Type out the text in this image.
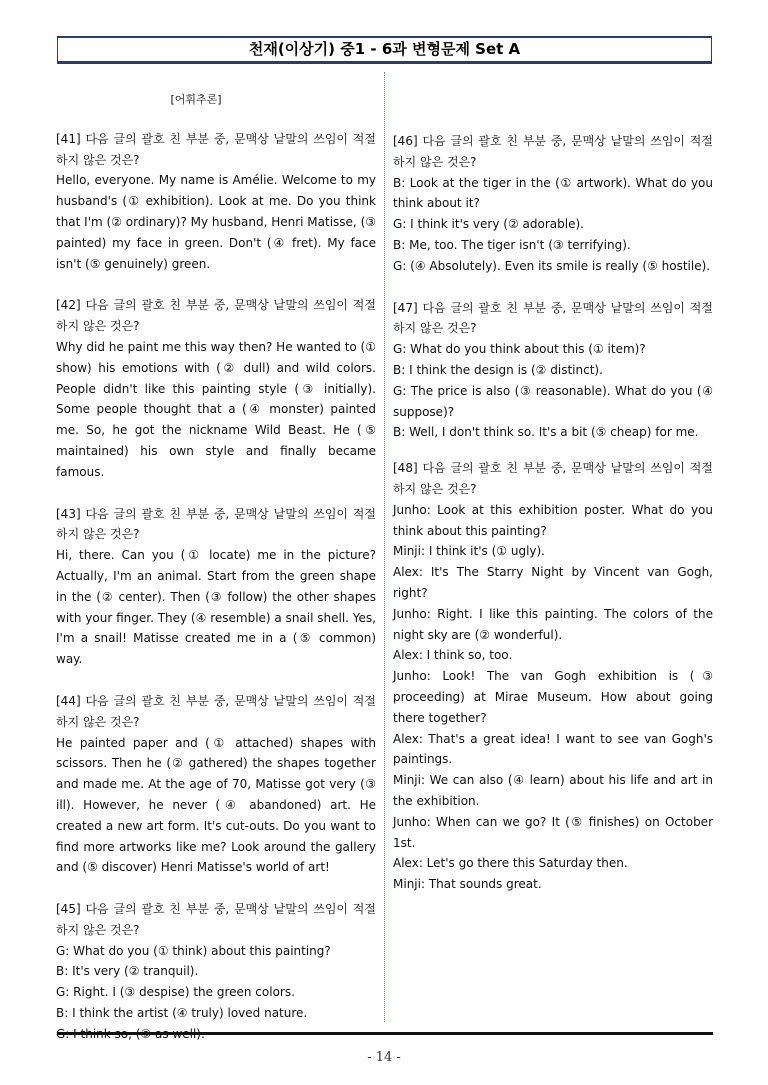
천재(이상기) 중1 - 6과 변형문제 Set A

[어휘추론]

[41] 다음 글의 괄호 친 부분 중, 문맥상 낱말의 쓰임이 적절하지 않은 것은?

Hello, everyone. My name is Amélie. Welcome to my husband's (① exhibition). Look at me. Do you think that I'm (② ordinary)? My husband, Henri Matisse, (③ painted) my face in green. Don't (④ fret). My face isn't (⑤ genuinely) green.

[42] 다음 글의 괄호 친 부분 중, 문맥상 낱말의 쓰임이 적절하지 않은 것은?

Why did he paint me this way then? He wanted to (① show) his emotions with (② dull) and wild colors. People didn't like this painting style (③ initially). Some people thought that a (④ monster) painted me. So, he got the nickname Wild Beast. He (⑤ maintained) his own style and finally became famous.

[43] 다음 글의 괄호 친 부분 중, 문맥상 낱말의 쓰임이 적절하지 않은 것은?

Hi, there. Can you (① locate) me in the picture? Actually, I'm an animal. Start from the green shape in the (② center). Then (③ follow) the other shapes with your finger. They (④ resemble) a snail shell. Yes, I'm a snail! Matisse created me in a (⑤ common) way.

[44] 다음 글의 괄호 친 부분 중, 문맥상 낱말의 쓰임이 적절하지 않은 것은?

He painted paper and (① attached) shapes with scissors. Then he (② gathered) the shapes together and made me. At the age of 70, Matisse got very (③ ill). However, he never (④ abandoned) art. He created a new art form. It's cut-outs. Do you want to find more artworks like me? Look around the gallery and (⑤ discover) Henri Matisse's world of art!

[45] 다음 글의 괄호 친 부분 중, 문맥상 낱말의 쓰임이 적절하지 않은 것은?

G: What do you (① think) about this painting?

B: It's very (② tranquil).

G: Right. I (③ despise) the green colors.

B: I think the artist (④ truly) loved nature.

G: I think so, (⑤ as well).

[46] 다음 글의 괄호 친 부분 중, 문맥상 낱말의 쓰임이 적절하지 않은 것은?

B: Look at the tiger in the (① artwork). What do you think about it?

G: I think it's very (② adorable).

B: Me, too. The tiger isn't (③ terrifying).

G: (④ Absolutely). Even its smile is really (⑤ hostile).

[47] 다음 글의 괄호 친 부분 중, 문맥상 낱말의 쓰임이 적절하지 않은 것은?

G: What do you think about this (① item)?

B: I think the design is (② distinct).

G: The price is also (③ reasonable). What do you (④ suppose)?

B: Well, I don't think so. It's a bit (⑤ cheap) for me.

[48] 다음 글의 괄호 친 부분 중, 문맥상 낱말의 쓰임이 적절하지 않은 것은?

Junho: Look at this exhibition poster. What do you think about this painting?

Minji: I think it's (① ugly).

Alex: It's The Starry Night by Vincent van Gogh, right?

Junho: Right. I like this painting. The colors of the night sky are (② wonderful).

Alex: I think so, too.

Junho: Look! The van Gogh exhibition is (③ proceeding) at Mirae Museum. How about going there together?

Alex: That's a great idea! I want to see van Gogh's paintings.

Minji: We can also (④ learn) about his life and art in the exhibition.

Junho: When can we go? It (⑤ finishes) on October 1st.

Alex: Let's go there this Saturday then.

Minji: That sounds great.

- 14 -
